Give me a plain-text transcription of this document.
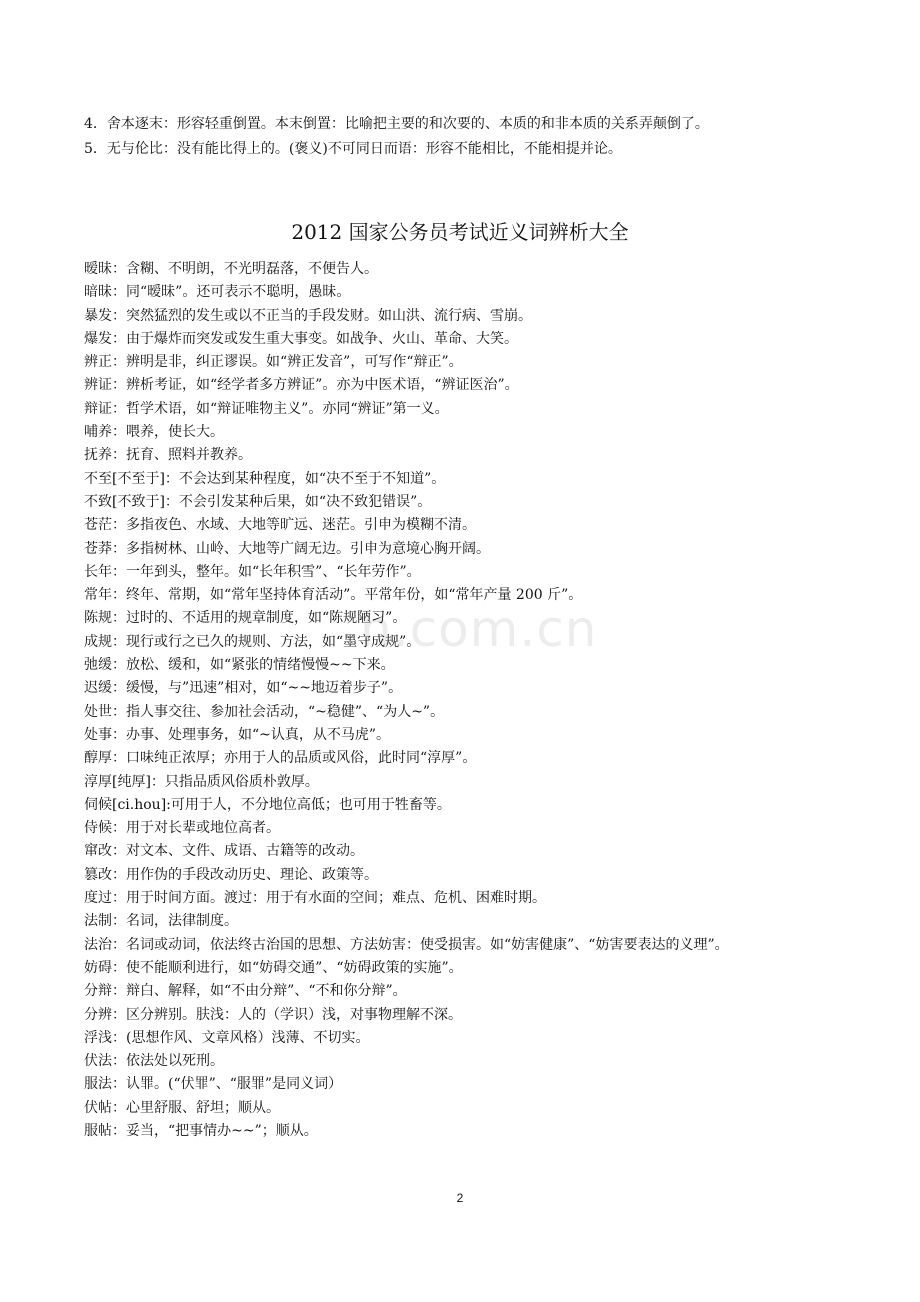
4．舍本逐末：形容轻重倒置。本末倒置：比喻把主要的和次要的、本质的和非本质的关系弄颠倒了。
5．无与伦比：没有能比得上的。(褒义)不可同日而语：形容不能相比，不能相提并论。
2012 国家公务员考试近义词辨析大全
n.com.cn
暧昧：含糊、不明朗，不光明磊落，不便告人。
暗昧：同“暧昧”。还可表示不聪明，愚昧。
暴发：突然猛烈的发生或以不正当的手段发财。如山洪、流行病、雪崩。
爆发：由于爆炸而突发或发生重大事变。如战争、火山、革命、大笑。
辨正：辨明是非，纠正谬误。如“辨正发音”，可写作“辩正”。
辨证：辨析考证，如“经学者多方辨证”。亦为中医术语，“辨证医治”。
辩证：哲学术语，如“辩证唯物主义”。亦同“辨证”第一义。
哺养：喂养，使长大。
抚养：抚育、照料并教养。
不至[不至于]：不会达到某种程度，如“决不至于不知道”。
不致[不致于]：不会引发某种后果，如“决不致犯错误”。
苍茫：多指夜色、水域、大地等旷远、迷茫。引申为模糊不清。
苍莽：多指树林、山岭、大地等广阔无边。引申为意境心胸开阔。
长年：一年到头，整年。如“长年积雪”、“长年劳作”。
常年：终年、常期，如“常年坚持体育活动”。平常年份，如“常年产量 200 斤”。
陈规：过时的、不适用的规章制度，如“陈规陋习”。
成规：现行或行之已久的规则、方法，如“墨守成规”。
弛缓：放松、缓和，如“紧张的情绪慢慢~~下来。
迟缓：缓慢，与”迅速”相对，如“~~地迈着步子”。
处世：指人事交往、参加社会活动，“~稳健”、“为人~”。
处事：办事、处理事务，如“~认真，从不马虎”。
醇厚：口味纯正浓厚；亦用于人的品质或风俗，此时同“淳厚”。
淳厚[纯厚]：只指品质风俗质朴敦厚。
伺候[ci.hou]:可用于人，不分地位高低；也可用于牲畜等。
侍候：用于对长辈或地位高者。
窜改：对文本、文件、成语、古籍等的改动。
篡改：用作伪的手段改动历史、理论、政策等。
度过：用于时间方面。渡过：用于有水面的空间；难点、危机、困难时期。
法制：名词，法律制度。
法治：名词或动词，依法终古治国的思想、方法妨害：使受损害。如“妨害健康”、“妨害要表达的义理”。
妨碍：使不能顺利进行，如“妨碍交通”、“妨碍政策的实施”。
分辩：辩白、解释，如“不由分辩”、“不和你分辩”。
分辨：区分辨别。肤浅：人的（学识）浅，对事物理解不深。
浮浅：(思想作风、文章风格）浅薄、不切实。
伏法：依法处以死刑。
服法：认罪。(“伏罪”、“服罪”是同义词）
伏帖：心里舒服、舒坦；顺从。
服帖：妥当，“把事情办~~”；顺从。
2
